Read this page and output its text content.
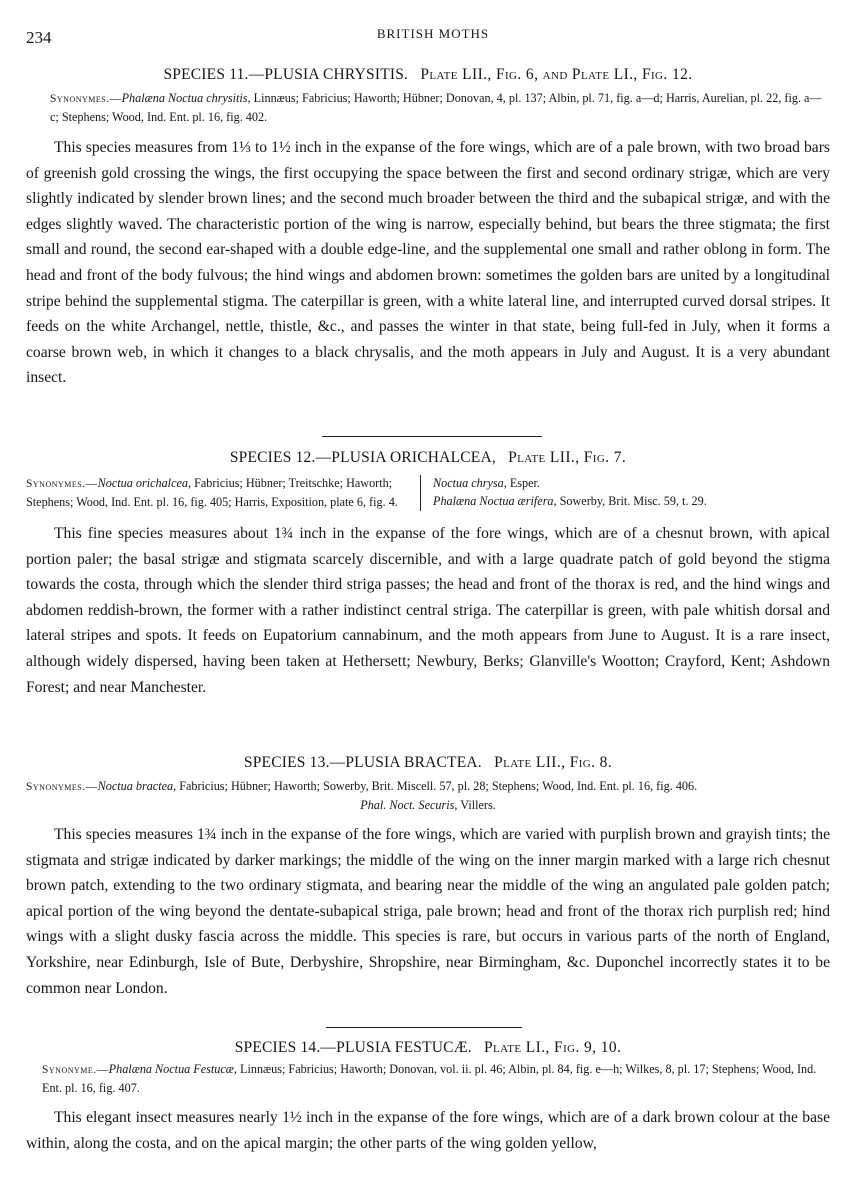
234	BRITISH MOTHS
SPECIES 11.—PLUSIA CHRYSITIS. Plate LII., Fig. 6, and Plate LI., Fig. 12.
Synonymes.—Phalæna Noctua chrysitis, Linnæus; Fabricius; Haworth; Hübner; Donovan, 4, pl. 137; Albin, pl. 71, fig. a—d; Harris, Aurelian, pl. 22, fig. a—c; Stephens; Wood, Ind. Ent. pl. 16, fig. 402.

This species measures from 1⅓ to 1½ inch in the expanse of the fore wings, which are of a pale brown, with two broad bars of greenish gold crossing the wings, the first occupying the space between the first and second ordinary strigæ, which are very slightly indicated by slender brown lines; and the second much broader between the third and the subapical strigæ, and with the edges slightly waved. The characteristic portion of the wing is narrow, especially behind, but bears the three stigmata; the first small and round, the second ear-shaped with a double edge-line, and the supplemental one small and rather oblong in form. The head and front of the body fulvous; the hind wings and abdomen brown: sometimes the golden bars are united by a longitudinal stripe behind the supplemental stigma. The caterpillar is green, with a white lateral line, and interrupted curved dorsal stripes. It feeds on the white Archangel, nettle, thistle, &c., and passes the winter in that state, being full-fed in July, when it forms a coarse brown web, in which it changes to a black chrysalis, and the moth appears in July and August. It is a very abundant insect.

SPECIES 12.—PLUSIA ORICHALCEA, Plate LII., Fig. 7.
Synonymes.—Noctua orichalcea, Fabricius; Hübner; Treitschke; Haworth; Stephens; Wood, Ind. Ent. pl. 16, fig. 405; Harris, Exposition, plate 6, fig. 4.
Noctua chrysa, Esper.
Phalæna Noctua ærifera, Sowerby, Brit. Misc. 59, t. 29.

This fine species measures about 1¾ inch in the expanse of the fore wings, which are of a chesnut brown, with apical portion paler; the basal strigæ and stigmata scarcely discernible, and with a large quadrate patch of gold beyond the stigma towards the costa, through which the slender third striga passes; the head and front of the thorax is red, and the hind wings and abdomen reddish-brown, the former with a rather indistinct central striga. The caterpillar is green, with pale whitish dorsal and lateral stripes and spots. It feeds on Eupatorium cannabinum, and the moth appears from June to August. It is a rare insect, although widely dispersed, having been taken at Hethersett; Newbury, Berks; Glanville's Wootton; Crayford, Kent; Ashdown Forest; and near Manchester.

SPECIES 13.—PLUSIA BRACTEA. Plate LII., Fig. 8.
Synonymes.—Noctua bractea, Fabricius; Hübner; Haworth; Sowerby, Brit. Miscell. 57, pl. 28; Stephens; Wood, Ind. Ent. pl. 16, fig. 406.
Phal. Noct. Securis, Villers.

This species measures 1¾ inch in the expanse of the fore wings, which are varied with purplish brown and grayish tints; the stigmata and strigæ indicated by darker markings; the middle of the wing on the inner margin marked with a large rich chesnut brown patch, extending to the two ordinary stigmata, and bearing near the middle of the wing an angulated pale golden patch; apical portion of the wing beyond the dentate-subapical striga, pale brown; head and front of the thorax rich purplish red; hind wings with a slight dusky fascia across the middle. This species is rare, but occurs in various parts of the north of England, Yorkshire, near Edinburgh, Isle of Bute, Derbyshire, Shropshire, near Birmingham, &c. Duponchel incorrectly states it to be common near London.

SPECIES 14.—PLUSIA FESTUCÆ. Plate LI., Fig. 9, 10.
Synonyme.—Phalæna Noctua Festucæ, Linnæus; Fabricius; Haworth; Donovan, vol. ii. pl. 46; Albin, pl. 84, fig. e—h; Wilkes, 8, pl. 17; Stephens; Wood, Ind. Ent. pl. 16, fig. 407.

This elegant insect measures nearly 1½ inch in the expanse of the fore wings, which are of a dark brown colour at the base within, along the costa, and on the apical margin; the other parts of the wing golden yellow,
